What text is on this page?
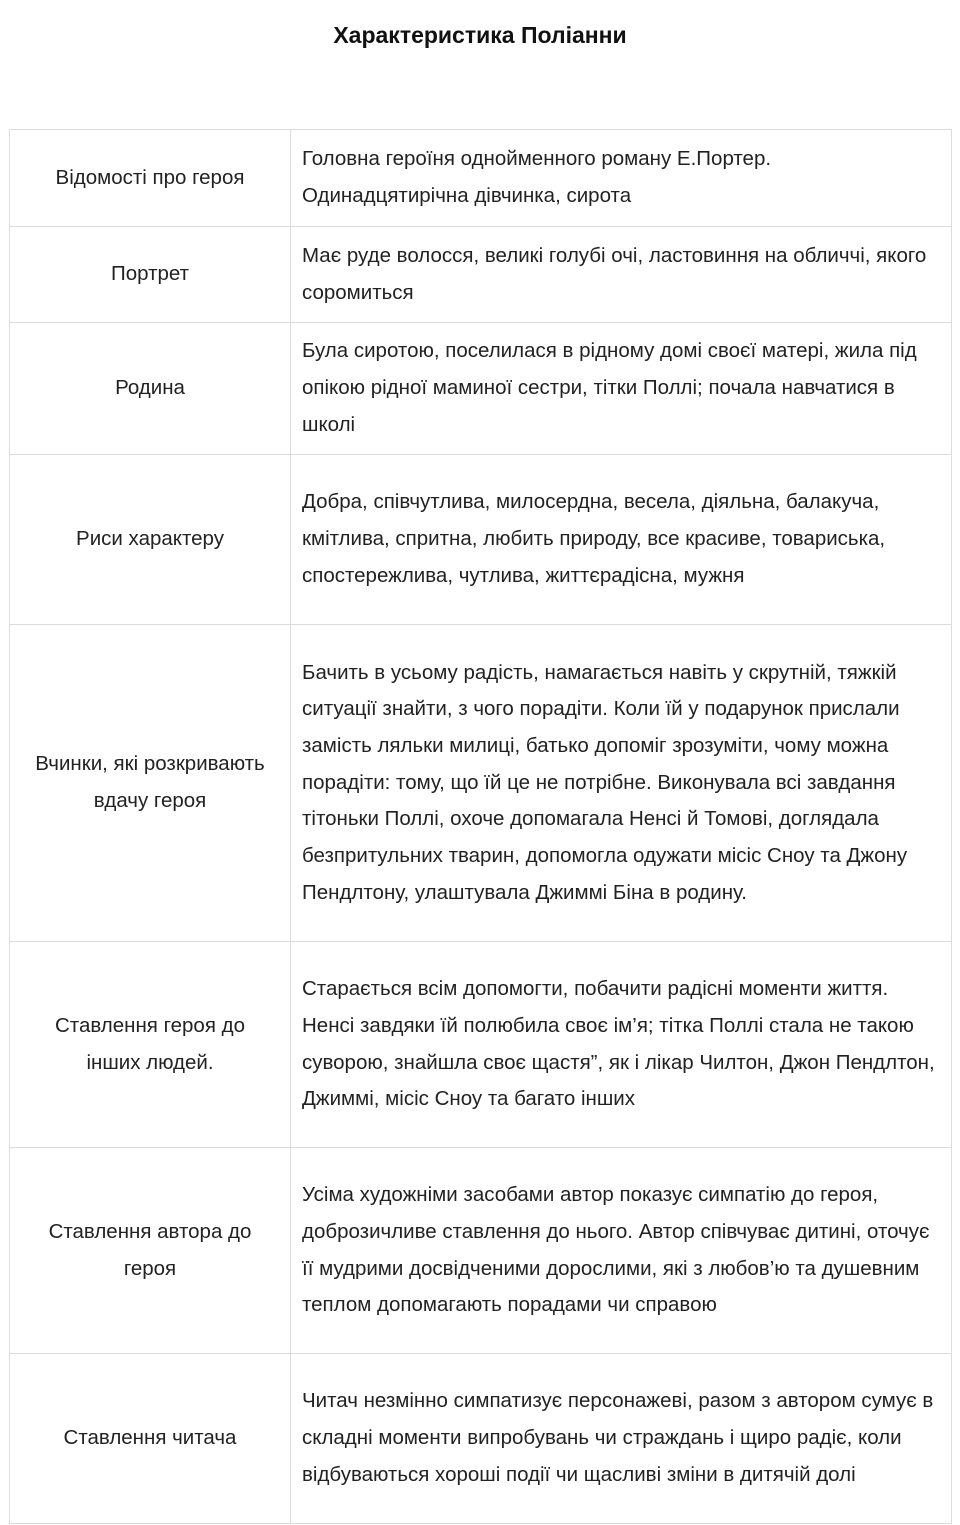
Характеристика Поліанни
Відомості про героя	Головна героїня однойменного роману Е.Портер. Одинадцятирічна дівчинка, сирота
Портрет	Має руде волосся, великі голубі очі, ластовиння на обличчі, якого соромиться
Родина	Була сиротою, поселилася в рідному домі своєї матері, жила під опікою рідної маминої сестри, тітки Поллі; почала навчатися в школі
Риси характеру	Добра, співчутлива, милосердна, весела, діяльна, балакуча, кмітлива, спритна, любить природу, все красиве, товариська, спостережлива, чутлива, життєрадісна, мужня
Вчинки, які розкривають вдачу героя	Бачить в усьому радість, намагається навіть у скрутній, тяжкій ситуації знайти, з чого порадіти. Коли їй у подарунок прислали замість ляльки милиці, батько допоміг зрозуміти, чому можна порадіти: тому, що їй це не потрібне. Виконувала всі завдання тітоньки Поллі, охоче допомагала Ненсі й Томові, доглядала безпритульних тварин, допомогла одужати місіс Сноу та Джону Пендлтону, улаштувала Джиммі Біна в родину.
Ставлення героя до інших людей.	Старається всім допомогти, побачити радісні моменти життя. Ненсі завдяки їй полюбила своє ім’я; тітка Поллі стала не такою суворою, знайшла своє щастя”, як і лікар Чилтон, Джон Пендлтон, Джиммі, місіс Сноу та багато інших
Ставлення автора до героя	Усіма художніми засобами автор показує симпатію до героя, доброзичливе ставлення до нього. Автор співчуває дитині, оточує її мудрими досвідченими дорослими, які з любов’ю та душевним теплом допомагають порадами чи справою
Ставлення читача	Читач незмінно симпатизує персонажеві, разом з автором сумує в складні моменти випробувань чи страждань і щиро радіє, коли відбуваються хороші події чи щасливі зміни в дитячій долі
